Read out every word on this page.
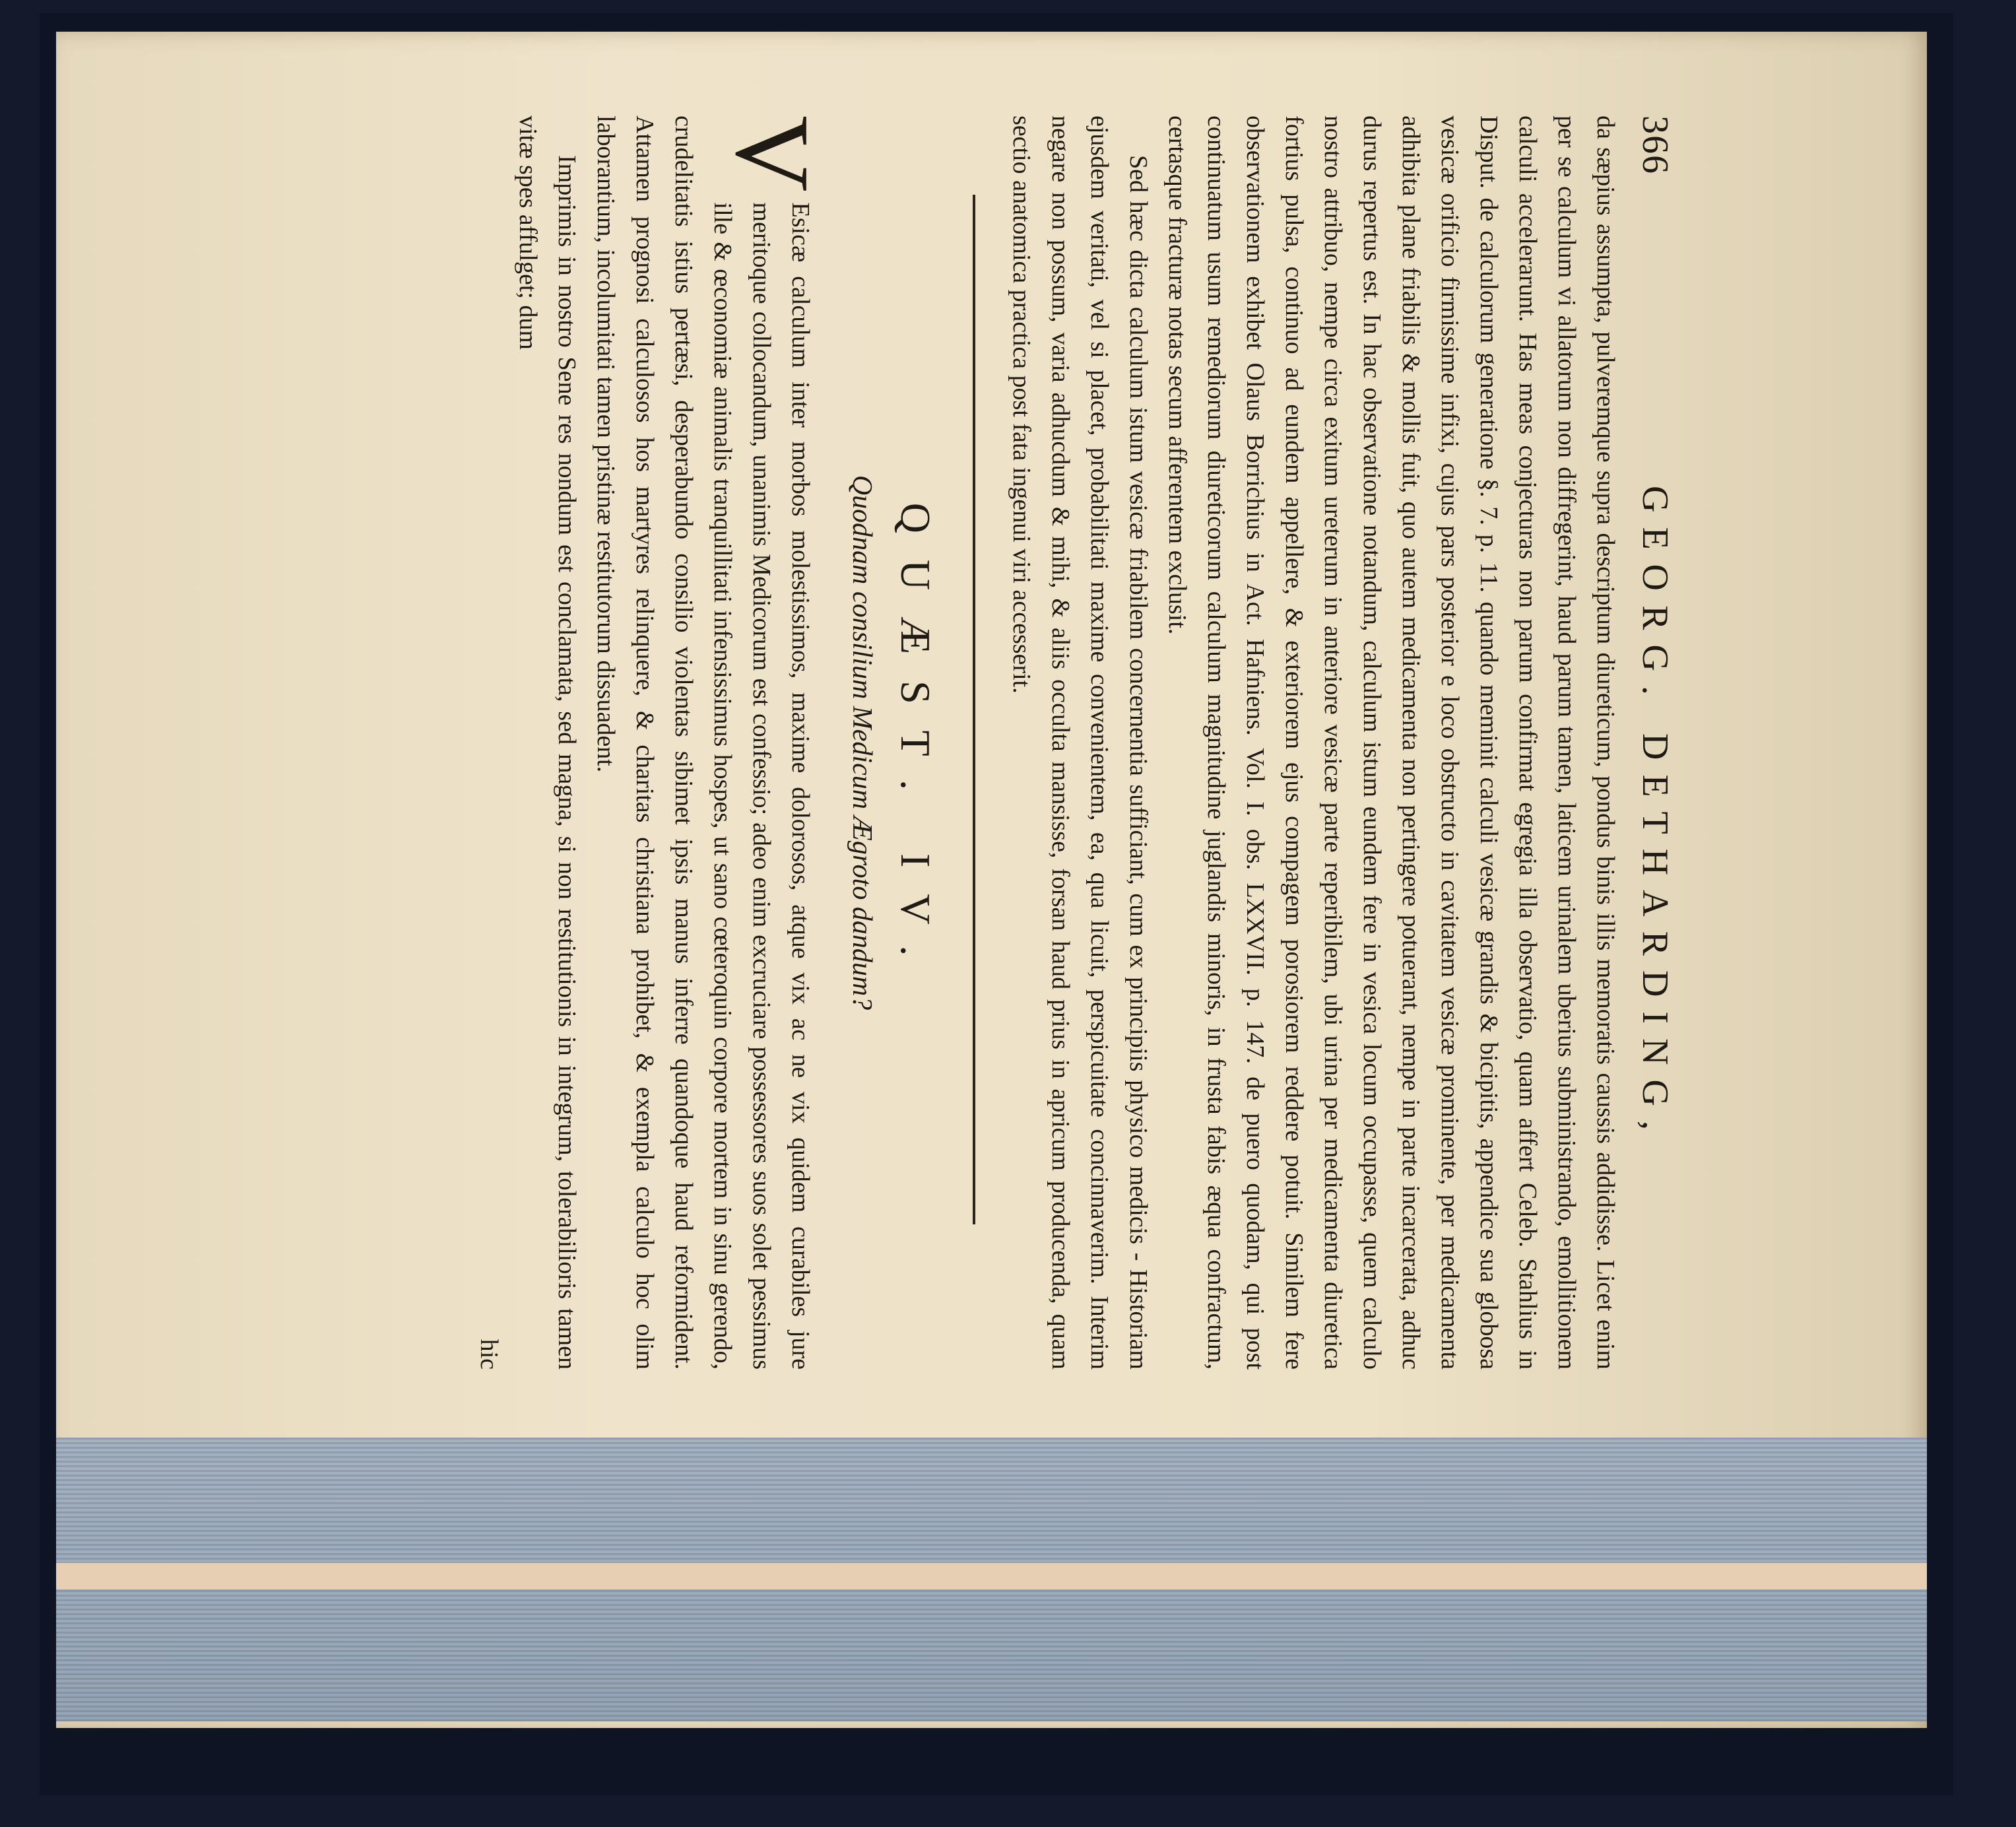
366
GEORG. DETHARDING,

da sæpius assumpta, pulveremque supra descriptum diureticum, pondus binis illis memoratis caussis addidisse. Licet enim per se calculum vi allatorum non diffregerint, haud parum tamen, laticem urinalem uberius subministrando, emollitionem calculi accelerarunt. Has meas conjecturas non parum confirmat egregia illa observatio, quam affert Celeb. Stahlius in Disput. de calculorum generatione §. 7. p. 11. quando meminit calculi vesicæ grandis & bicipitis, appendice sua globosa vesicæ orificio firmissime infixi, cujus pars posterior e loco obstructo in cavitatem vesicæ prominente, per medicamenta adhibita plane friabilis & mollis fuit, quo autem medicamenta non pertingere potuerant, nempe in parte incarcerata, adhuc durus repertus est. In hac observatione notandum, calculum istum eundem fere in vesica locum occupasse, quem calculo nostro attribuo, nempe circa exitum ureterum in anteriore vesicæ parte reperibilem, ubi urina per medicamenta diuretica fortius pulsa, continuo ad eundem appellere, & exteriorem ejus compagem porosiorem reddere potuit. Similem fere observationem exhibet Olaus Borrichius in Act. Hafniens. Vol. I. obs. LXXVII. p. 147. de puero quodam, qui post continuatum usum remediorum diureticorum calculum magnitudine juglandis minoris, in frusta fabis æqua confractum, certasque fracturæ notas secum afferentem exclusit.

Sed hæc dicta calculum istum vesicæ friabilem concernentia sufficiant, cum ex principiis physico medicis - Historiam ejusdem veritati, vel si placet, probabilitati maxime convenientem, ea, qua licuit, perspicuitate concinnaverim. Interim negare non possum, varia adhucdum & mihi, & aliis occulta mansisse, forsan haud prius in apricum producenda, quam sectio anatomica practica post fata ingenui viri accesserit.

QUÆST. IV.
Quodnam consilium Medicum Ægroto dandum?

V
Esicæ calculum inter morbos molestissimos, maxime dolorosos, atque vix ac ne vix quidem curabiles jure meritoque collocandum, unanimis Medicorum est confessio; adeo enim excruciare possessores suos solet pessimus ille & œconomiæ animalis tranquillitati infensissimus hospes, ut sano cœteroquin corpore mortem in sinu gerendo, crudelitatis istius pertæsi, desperabundo consilio violentas sibimet ipsis manus inferre quandoque haud reformident. Attamen prognosi calculosos hos martyres relinquere, & charitas christiana prohibet, & exempla calculo hoc olim laborantium, incolumitati tamen pristinæ restitutorum dissuadent.

Imprimis in nostro Sene res nondum est conclamata, sed magna, si non restitutionis in integrum, tolerabilioris tamen vitæ spes affulget; dum

hic
